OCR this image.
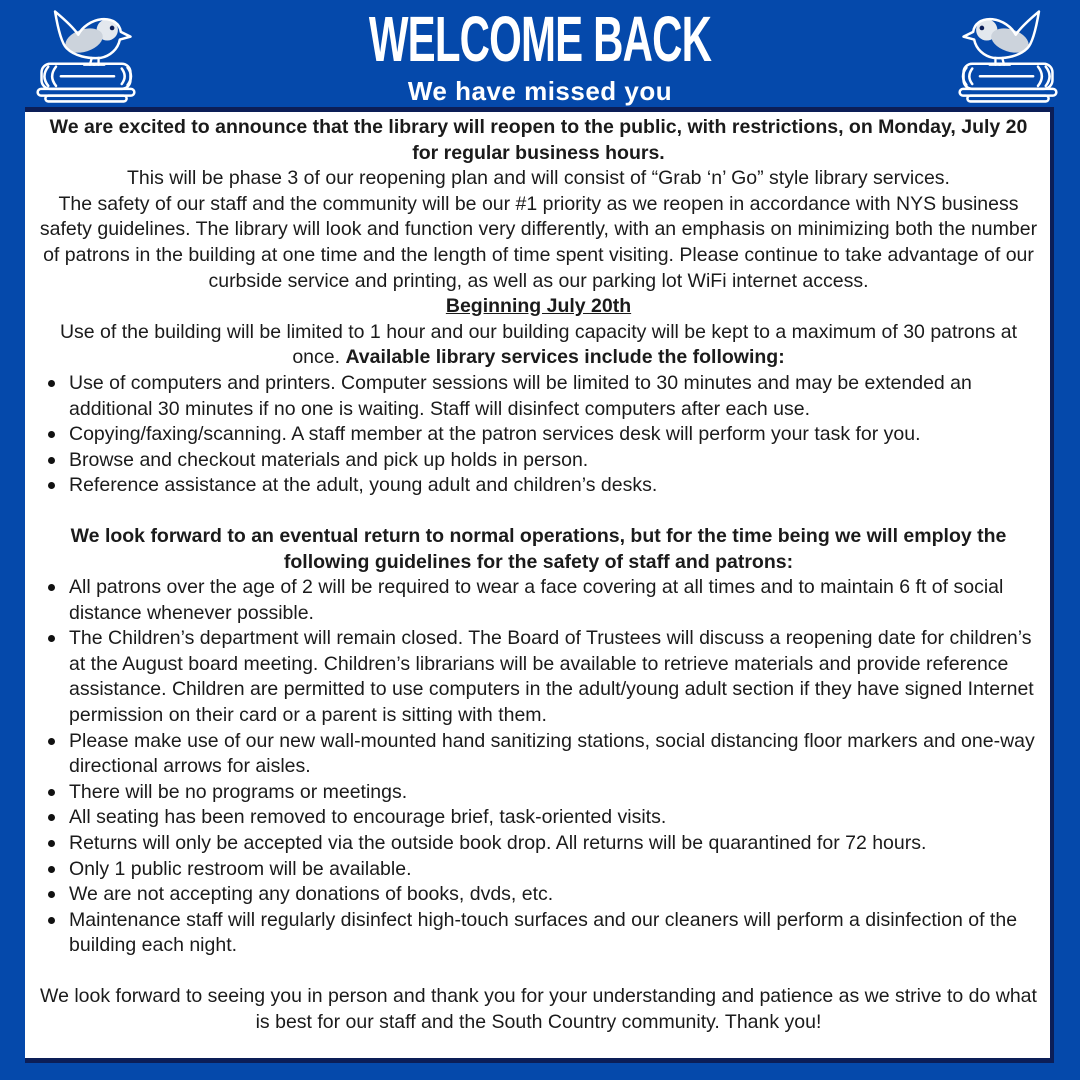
WELCOME BACK
We have missed you

We are excited to announce that the library will reopen to the public, with restrictions, on Monday, July 20 for regular business hours.

This will be phase 3 of our reopening plan and will consist of “Grab ‘n’ Go” style library services.

The safety of our staff and the community will be our #1 priority as we reopen in accordance with NYS business safety guidelines. The library will look and function very differently, with an emphasis on minimizing both the number of patrons in the building at one time and the length of time spent visiting. Please continue to take advantage of our curbside service and printing, as well as our parking lot WiFi internet access.

Beginning July 20th

Use of the building will be limited to 1 hour and our building capacity will be kept to a maximum of 30 patrons at once. Available library services include the following:

Use of computers and printers. Computer sessions will be limited to 30 minutes and may be extended an additional 30 minutes if no one is waiting. Staff will disinfect computers after each use.
Copying/faxing/scanning. A staff member at the patron services desk will perform your task for you.
Browse and checkout materials and pick up holds in person.
Reference assistance at the adult, young adult and children’s desks.

We look forward to an eventual return to normal operations, but for the time being we will employ the following guidelines for the safety of staff and patrons:

All patrons over the age of 2 will be required to wear a face covering at all times and to maintain 6 ft of social distance whenever possible.
The Children’s department will remain closed. The Board of Trustees will discuss a reopening date for children’s at the August board meeting. Children’s librarians will be available to retrieve materials and provide reference assistance. Children are permitted to use computers in the adult/young adult section if they have signed Internet permission on their card or a parent is sitting with them.
Please make use of our new wall-mounted hand sanitizing stations, social distancing floor markers and one-way directional arrows for aisles.
There will be no programs or meetings.
All seating has been removed to encourage brief, task-oriented visits.
Returns will only be accepted via the outside book drop. All returns will be quarantined for 72 hours.
Only 1 public restroom will be available.
We are not accepting any donations of books, dvds, etc.
Maintenance staff will regularly disinfect high-touch surfaces and our cleaners will perform a disinfection of the building each night.

We look forward to seeing you in person and thank you for your understanding and patience as we strive to do what is best for our staff and the South Country community. Thank you!
